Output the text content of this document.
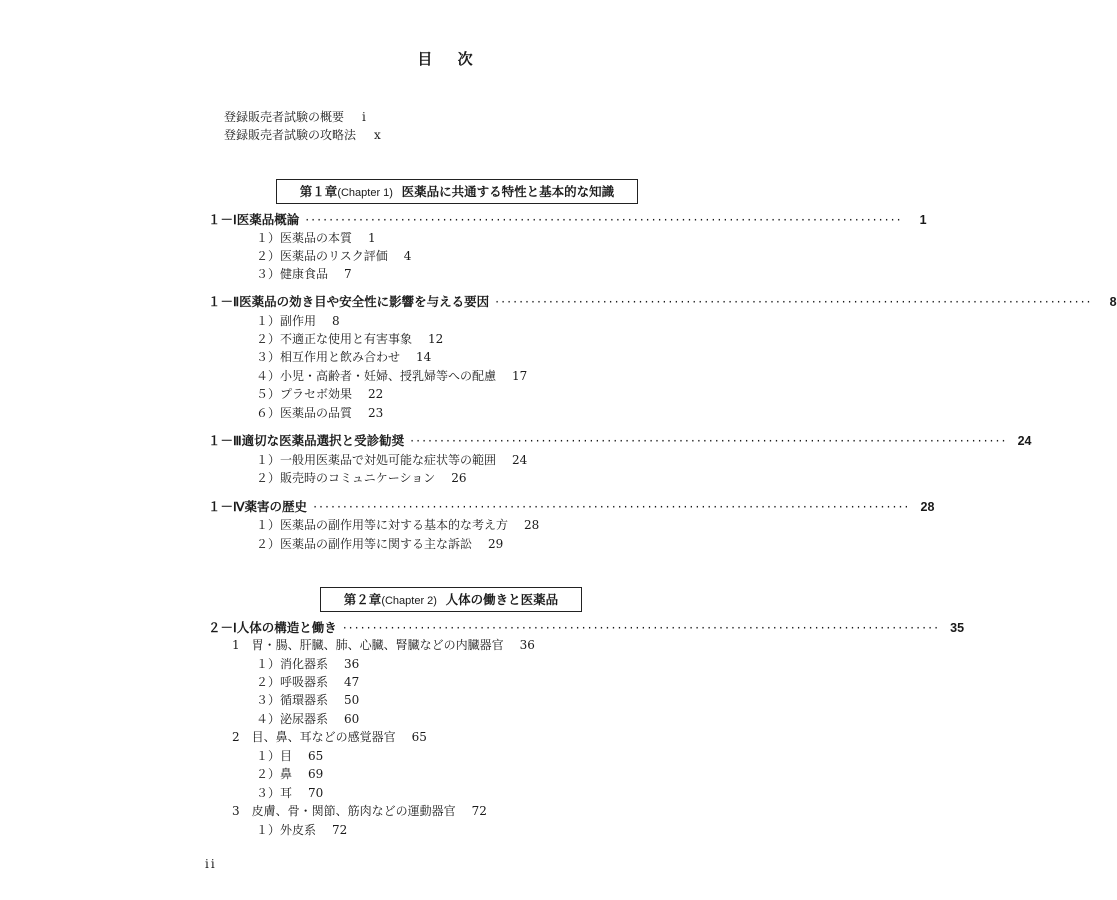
目 次
登録販売者試験の概要 i
登録販売者試験の攻略法 x
第１章(Chapter 1) 医薬品に共通する特性と基本的な知識
１－Ⅰ 医薬品概論 ····································································································	1
１）医薬品の本質 1
２）医薬品のリスク評価 4
３）健康食品 7
１－Ⅱ 医薬品の効き目や安全性に影響を与える要因 ····································································································	8
１）副作用 8
２）不適正な使用と有害事象 12
３）相互作用と飲み合わせ 14
４）小児・高齢者・妊婦、授乳婦等への配慮 17
５）プラセボ効果 22
６）医薬品の品質 23
１－Ⅲ 適切な医薬品選択と受診勧奨 ···································································································· 24
１）一般用医薬品で対処可能な症状等の範囲 24
２）販売時のコミュニケーション 26
１－Ⅳ 薬害の歴史 ···································································································· 28
１）医薬品の副作用等に対する基本的な考え方 28
２）医薬品の副作用等に関する主な訴訟 29
第２章(Chapter 2) 人体の働きと医薬品
２－Ⅰ 人体の構造と働き ···································································································· 35
1　胃・腸、肝臓、肺、心臓、腎臓などの内臓器官 36
１）消化器系 36
２）呼吸器系 47
３）循環器系 50
４）泌尿器系 60
2　目、鼻、耳などの感覚器官 65
１）目 65
２）鼻 69
３）耳 70
3　皮膚、骨・関節、筋肉などの運動器官 72
１）外皮系 72
ii
